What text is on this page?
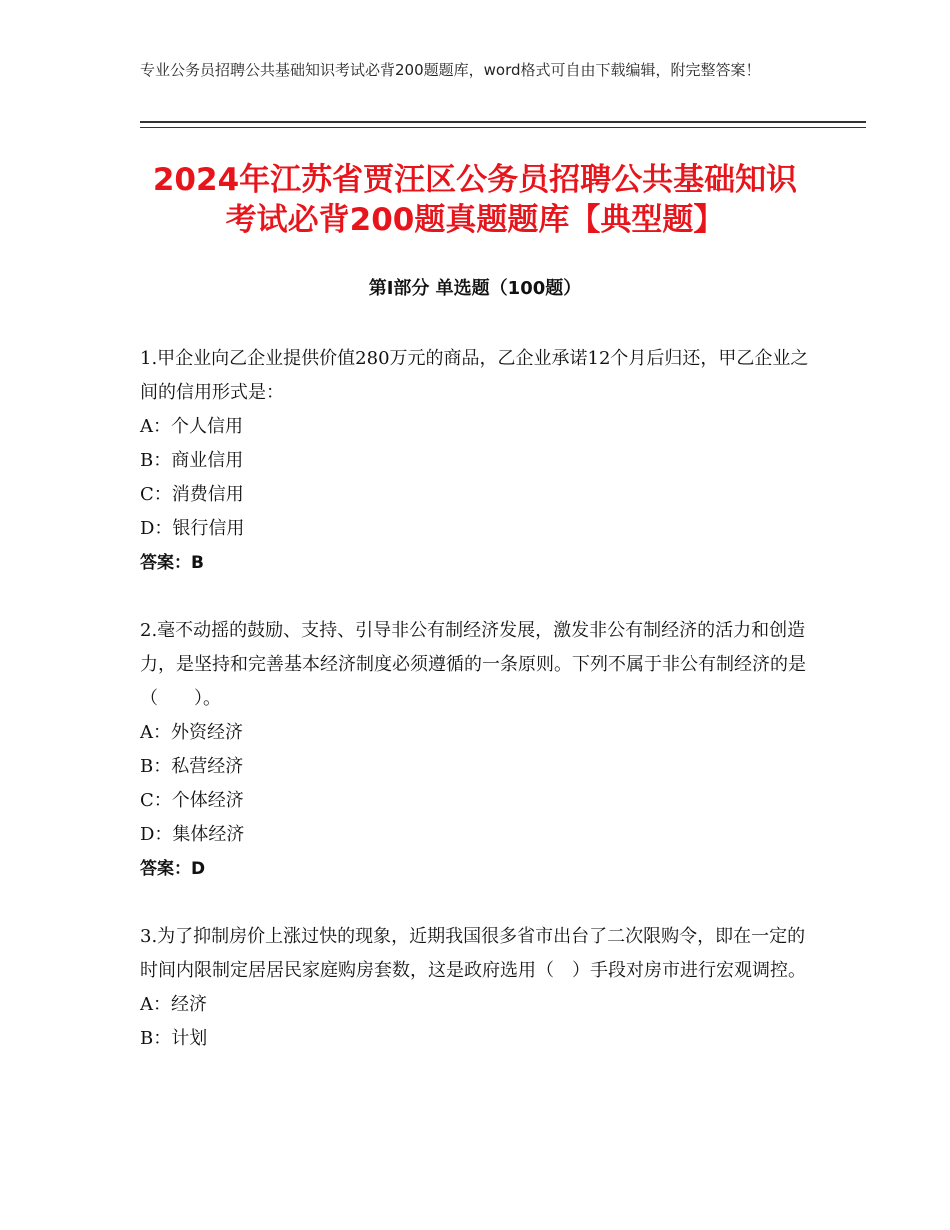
专业公务员招聘公共基础知识考试必背200题题库，word格式可自由下载编辑，附完整答案！
2024年江苏省贾汪区公务员招聘公共基础知识考试必背200题真题题库【典型题】
第Ⅰ部分 单选题（100题）

1.甲企业向乙企业提供价值280万元的商品，乙企业承诺12个月后归还，甲乙企业之间的信用形式是：

A：个人信用

B：商业信用

C：消费信用

D：银行信用

答案：B

2.毫不动摇的鼓励、支持、引导非公有制经济发展，激发非公有制经济的活力和创造力，是坚持和完善基本经济制度必须遵循的一条原则。下列不属于非公有制经济的是（　　）。

A：外资经济

B：私营经济

C：个体经济

D：集体经济

答案：D

3.为了抑制房价上涨过快的现象，近期我国很多省市出台了二次限购令，即在一定的时间内限制定居居民家庭购房套数，这是政府选用（　）手段对房市进行宏观调控。

A：经济

B：计划
